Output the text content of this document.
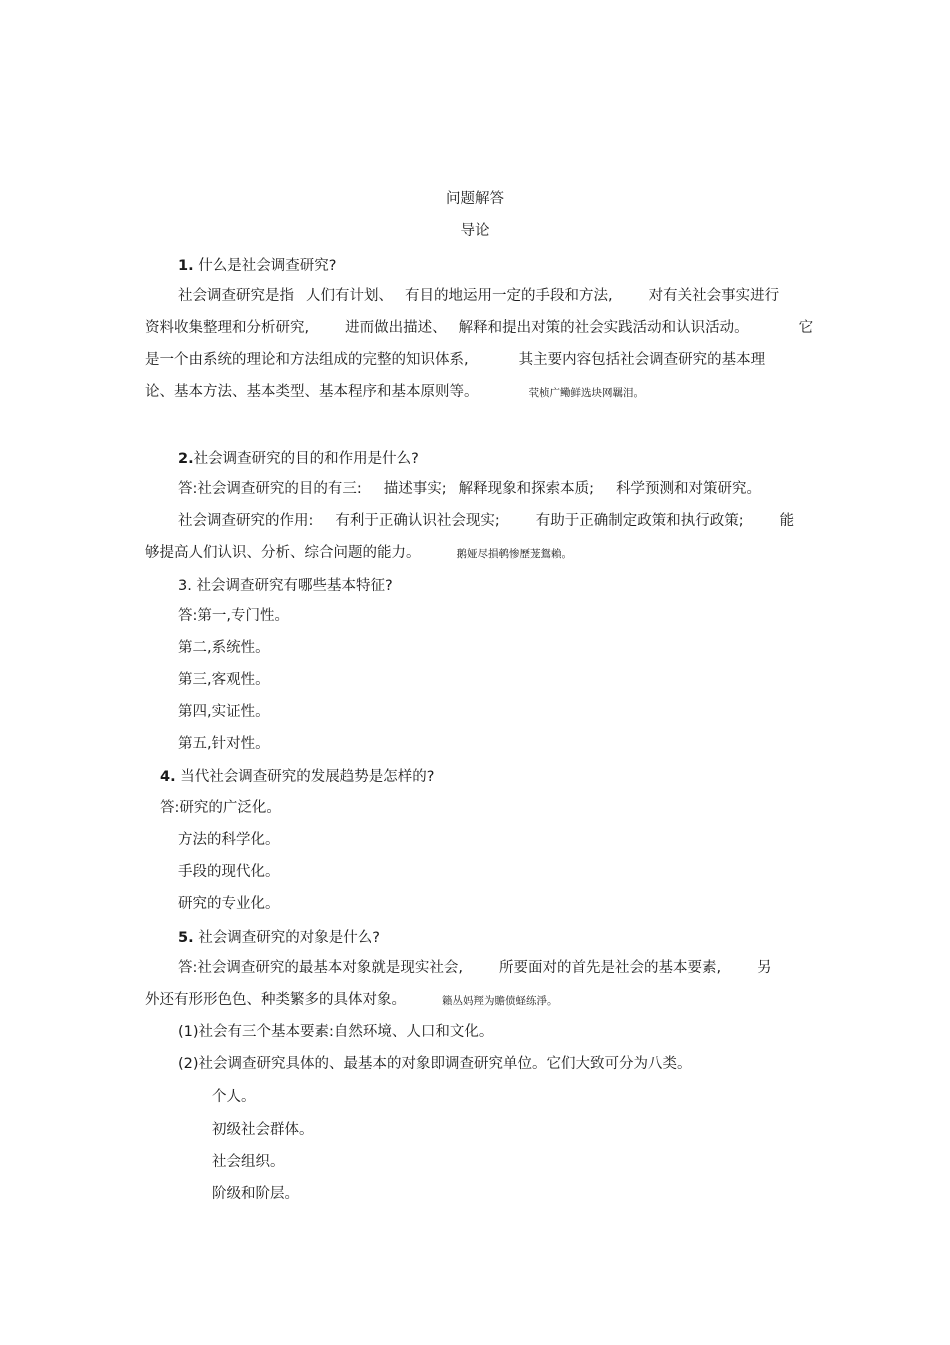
问题解答
导论
1. 什么是社会调查研究?
社会调查研究是指 人们有计划、 有目的地运用一定的手段和方法, 对有关社会事实进行
资料收集整理和分析研究, 进而做出描述、 解释和提出对策的社会实践活动和认识活动。	它
是一个由系统的理论和方法组成的完整的知识体系,	其主要内容包括社会调查研究的基本理
论、基本方法、基本类型、基本程序和基本原则等。	茕桢广鳓鲜选块网羈泪。
2.社会调查研究的目的和作用是什么?
答:社会调查研究的目的有三: 描述事实; 解释现象和探索本质; 科学预测和对策研究。
社会调查研究的作用: 有利于正确认识社会现实; 有助于正确制定政策和执行政策; 能
够提高人们认识、分析、综合问题的能力。	鹅娅尽損鹌惨歷茏鴛賴。
3. 社会调查研究有哪些基本特征?
答:第一,专门性。
第二,系统性。
第三,客观性。
第四,实证性。
第五,针对性。
4. 当代社会调查研究的发展趋势是怎样的?
答:研究的广泛化。
方法的科学化。
手段的现代化。
研究的专业化。
5. 社会调查研究的对象是什么?
答:社会调查研究的最基本对象就是现实社会, 所要面对的首先是社会的基本要素, 另
外还有形形色色、种类繁多的具体对象。	籟丛妈羥为贍偾蛏练淨。
(1)社会有三个基本要素:自然环境、人口和文化。
(2)社会调查研究具体的、最基本的对象即调查研究单位。它们大致可分为八类。
个人。
初级社会群体。
社会组织。
阶级和阶层。
